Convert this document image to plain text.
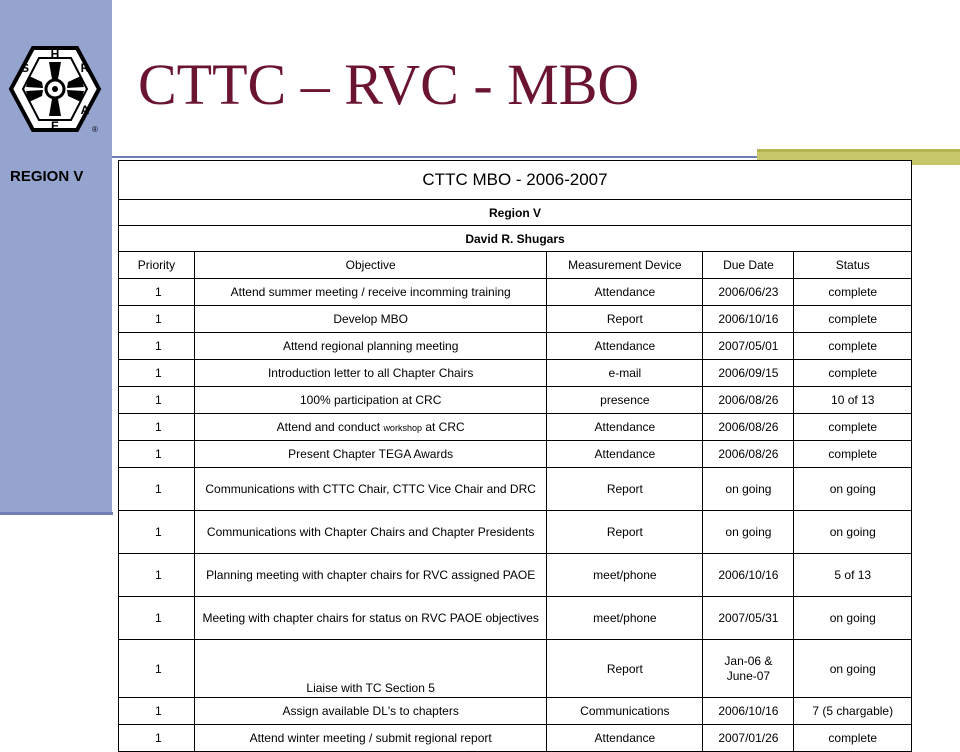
H
R
A
E
S
®
REGION V
CTTC – RVC - MBO
CTTC MBO - 2006-2007				
Region V				
David R. Shugars				
Priority	Objective	Measurement Device	Due Date	Status
1	Attend summer meeting / receive incomming training	Attendance	2006/06/23	complete
1	Develop MBO	Report	2006/10/16	complete
1	Attend regional planning meeting	Attendance	2007/05/01	complete
1	Introduction letter to all Chapter Chairs	e-mail	2006/09/15	complete
1	100% participation at CRC	presence	2006/08/26	10 of 13
1	Attend and conduct workshop at CRC	Attendance	2006/08/26	complete
1	Present Chapter TEGA Awards	Attendance	2006/08/26	complete
1	Communications with CTTC Chair, CTTC Vice Chair and DRC	Report	on going	on going
1	Communications with Chapter Chairs and Chapter Presidents	Report	on going	on going
1	Planning meeting with chapter chairs for RVC assigned PAOE	meet/phone	2006/10/16	5 of 13
1	Meeting with chapter chairs for status on RVC PAOE objectives	meet/phone	2007/05/31	on going
1	Liaise with TC Section 5	Report	Jan-06 & June-07	on going
1	Assign available DL's to chapters	Communications	2006/10/16	7 (5 chargable)
1	Attend winter meeting / submit regional report	Attendance	2007/01/26	complete
